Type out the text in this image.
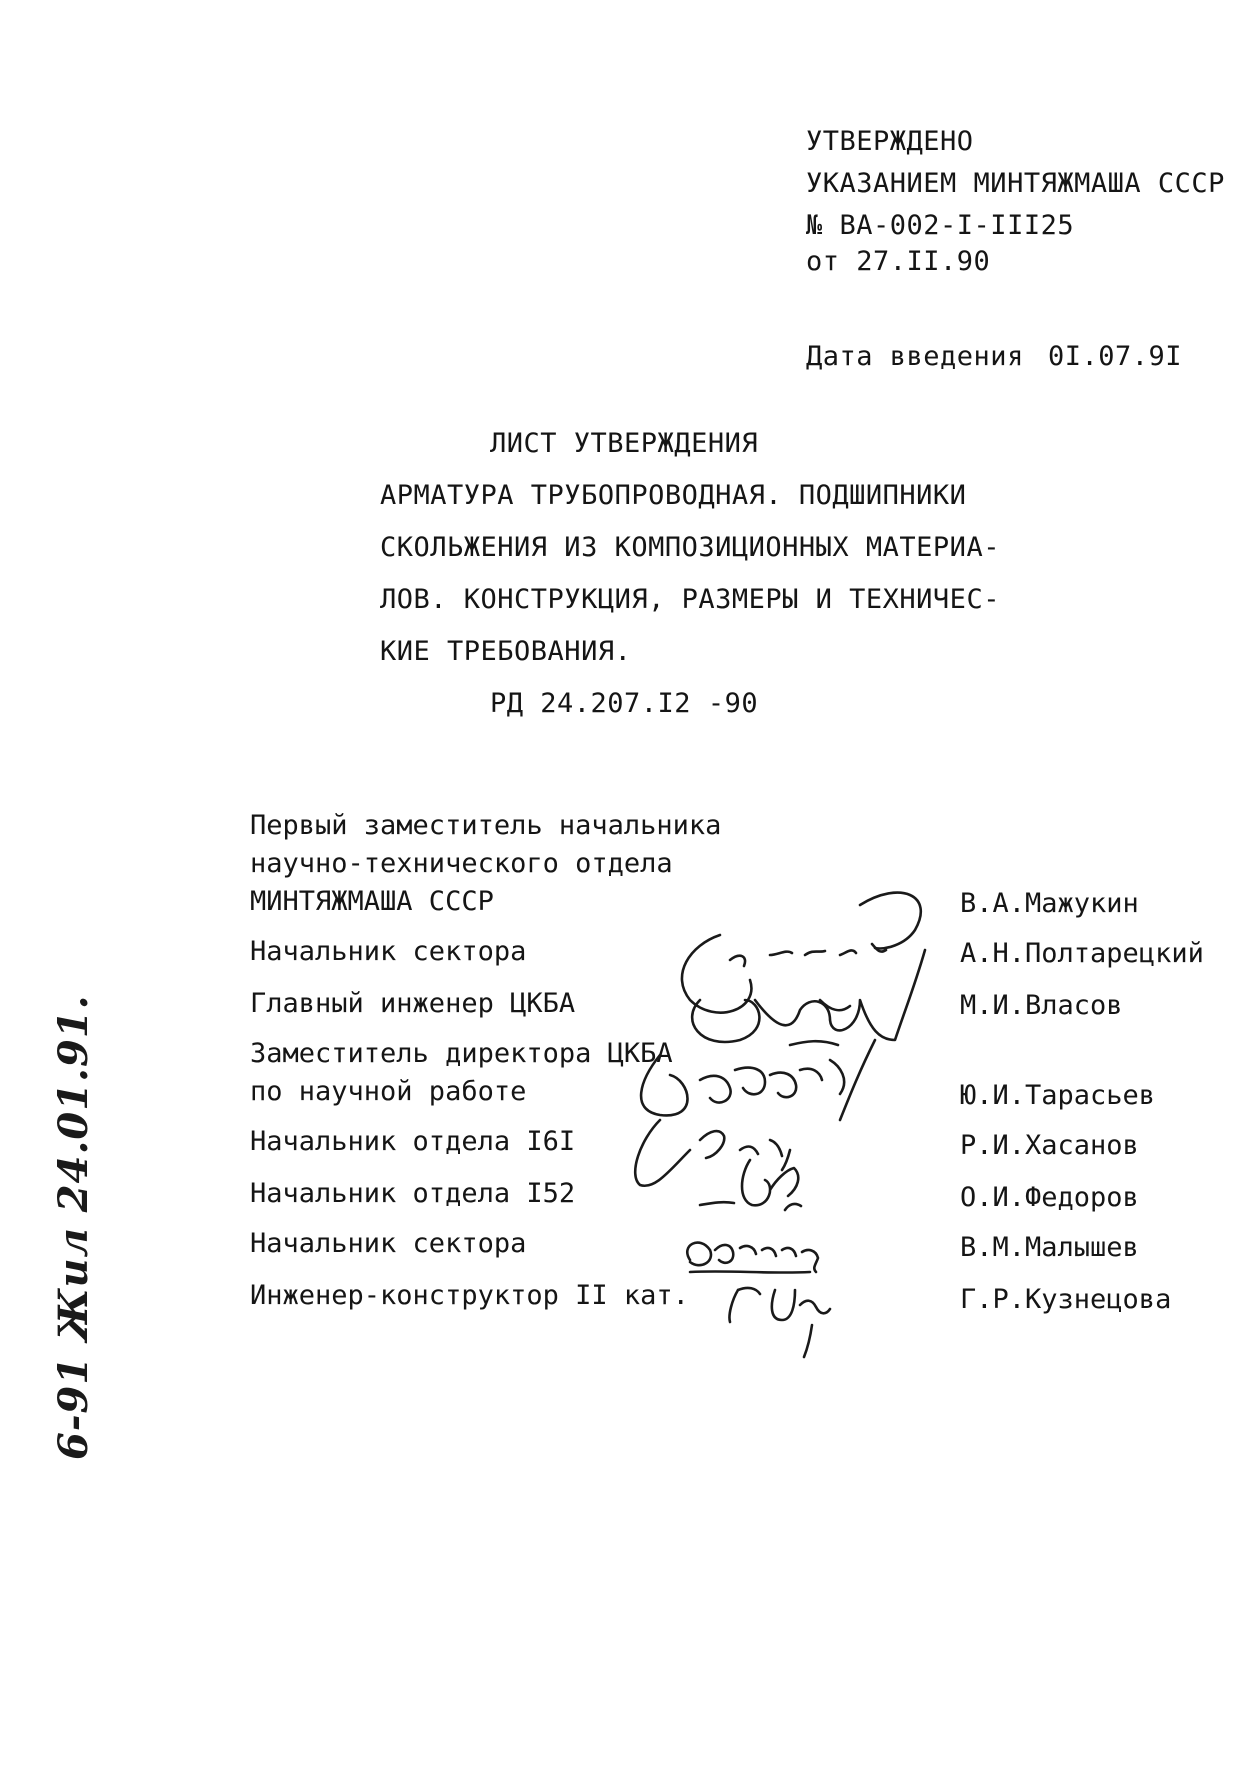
УТВЕРЖДЕНО
УКАЗАНИЕМ МИНТЯЖМАША СССР
№ ВА-002-I-III25
от 27.II.90
Дата введения 0I.07.9I
ЛИСТ УТВЕРЖДЕНИЯ
АРМАТУРА ТРУБОПРОВОДНАЯ. ПОДШИПНИКИ
СКОЛЬЖЕНИЯ ИЗ КОМПОЗИЦИОННЫХ МАТЕРИА-
ЛОВ. КОНСТРУКЦИЯ, РАЗМЕРЫ И ТЕХНИЧЕС-
КИЕ ТРЕБОВАНИЯ.
РД 24.207.I2 -90
Первый заместитель начальника
научно-технического отдела
МИНТЯЖМАША СССР	В.А.Мажукин
Начальник сектора	А.Н.Полтарецкий
Главный инженер ЦКБА	М.И.Власов
Заместитель директора ЦКБА
по научной работе	Ю.И.Тарасьев
Начальник отдела I6I	Р.И.Хасанов
Начальник отдела I52	О.И.Федоров
Начальник сектора	В.М.Малышев
Инженер-конструктор II кат.	Г.Р.Кузнецова
6-91 Жил 24.01.91.
